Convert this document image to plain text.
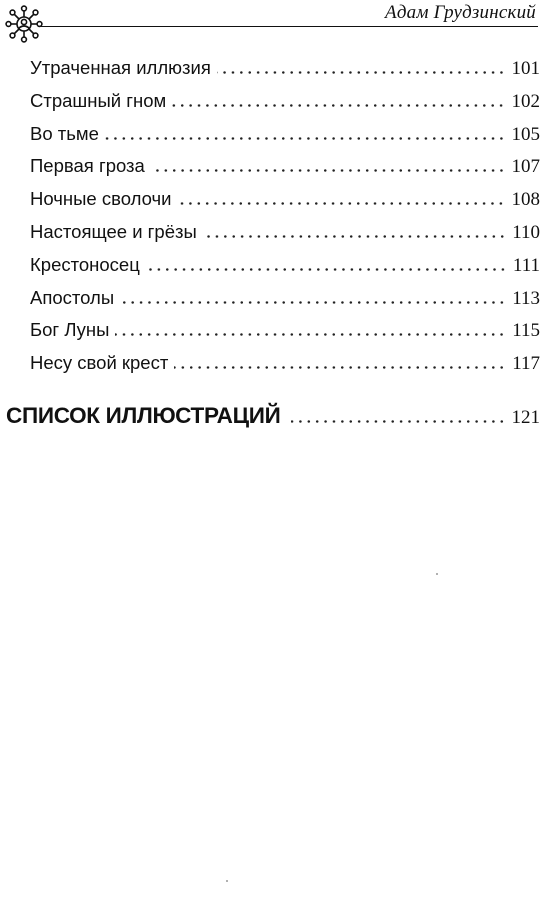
Адам Грудзинский
Утраченная иллюзия	101
Страшный гном	102
Во тьме	105
Первая гроза	107
Ночные сволочи	108
Настоящее и грёзы	110
Крестоносец	111
Апостолы	113
Бог Луны	115
Несу свой крест	117
СПИСОК ИЛЛЮСТРАЦИЙ	121
